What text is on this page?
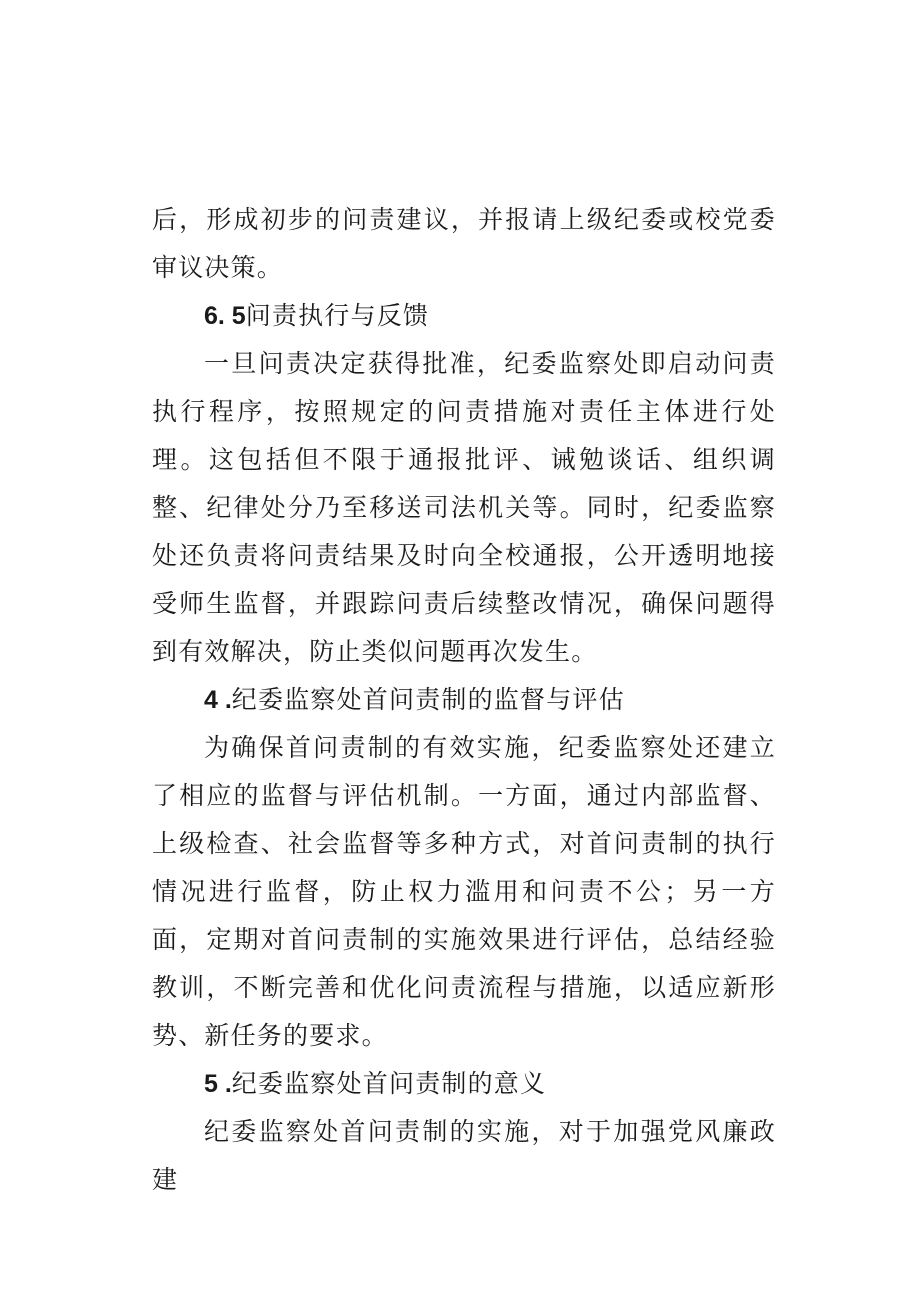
后，形成初步的问责建议，并报请上级纪委或校党委审议决策。

6. 5问责执行与反馈

一旦问责决定获得批准，纪委监察处即启动问责执行程序，按照规定的问责措施对责任主体进行处理。这包括但不限于通报批评、诫勉谈话、组织调整、纪律处分乃至移送司法机关等。同时，纪委监察处还负责将问责结果及时向全校通报，公开透明地接受师生监督，并跟踪问责后续整改情况，确保问题得到有效解决，防止类似问题再次发生。

4 .纪委监察处首问责制的监督与评估

为确保首问责制的有效实施，纪委监察处还建立了相应的监督与评估机制。一方面，通过内部监督、上级检查、社会监督等多种方式，对首问责制的执行情况进行监督，防止权力滥用和问责不公；另一方面，定期对首问责制的实施效果进行评估，总结经验教训，不断完善和优化问责流程与措施，以适应新形势、新任务的要求。

5 .纪委监察处首问责制的意义

纪委监察处首问责制的实施，对于加强党风廉政建
